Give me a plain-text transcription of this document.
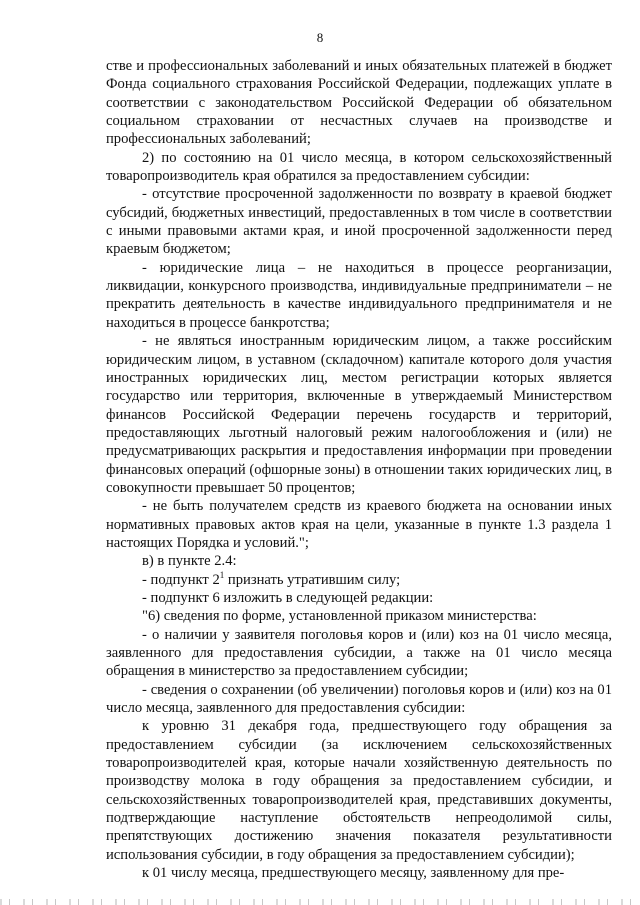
8

стве и профессиональных заболеваний и иных обязательных платежей в бюджет Фонда социального страхования Российской Федерации, подлежащих уплате в соответствии с законодательством Российской Федерации об обязательном социальном страховании от несчастных случаев на производстве и профессиональных заболеваний;

2) по состоянию на 01 число месяца, в котором сельскохозяйственный товаропроизводитель края обратился за предоставлением субсидии:

- отсутствие просроченной задолженности по возврату в краевой бюджет субсидий, бюджетных инвестиций, предоставленных в том числе в соответствии с иными правовыми актами края, и иной просроченной задолженности перед краевым бюджетом;

- юридические лица – не находиться в процессе реорганизации, ликвидации, конкурсного производства, индивидуальные предприниматели – не прекратить деятельность в качестве индивидуального предпринимателя и не находиться в процессе банкротства;

- не являться иностранным юридическим лицом, а также российским юридическим лицом, в уставном (складочном) капитале которого доля участия иностранных юридических лиц, местом регистрации которых является государство или территория, включенные в утверждаемый Министерством финансов Российской Федерации перечень государств и территорий, предоставляющих льготный налоговый режим налогообложения и (или) не предусматривающих раскрытия и предоставления информации при проведении финансовых операций (офшорные зоны) в отношении таких юридических лиц, в совокупности превышает 50 процентов;

- не быть получателем средств из краевого бюджета на основании иных нормативных правовых актов края на цели, указанные в пункте 1.3 раздела 1 настоящих Порядка и условий.";

в) в пункте 2.4:

- подпункт $2^1$ признать утратившим силу;

- подпункт 6 изложить в следующей редакции:

"6) сведения по форме, установленной приказом министерства:

- о наличии у заявителя поголовья коров и (или) коз на 01 число месяца, заявленного для предоставления субсидии, а также на 01 число месяца обращения в министерство за предоставлением субсидии;

- сведения о сохранении (об увеличении) поголовья коров и (или) коз на 01 число месяца, заявленного для предоставления субсидии:

к уровню 31 декабря года, предшествующего году обращения за предоставлением субсидии (за исключением сельскохозяйственных товаропроизводителей края, которые начали хозяйственную деятельность по производству молока в году обращения за предоставлением субсидии, и сельскохозяйственных товаропроизводителей края, представивших документы, подтверждающие наступление обстоятельств непреодолимой силы, препятствующих достижению значения показателя результативности использования субсидии, в году обращения за предоставлением субсидии);

к 01 числу месяца, предшествующего месяцу, заявленному для пре-
